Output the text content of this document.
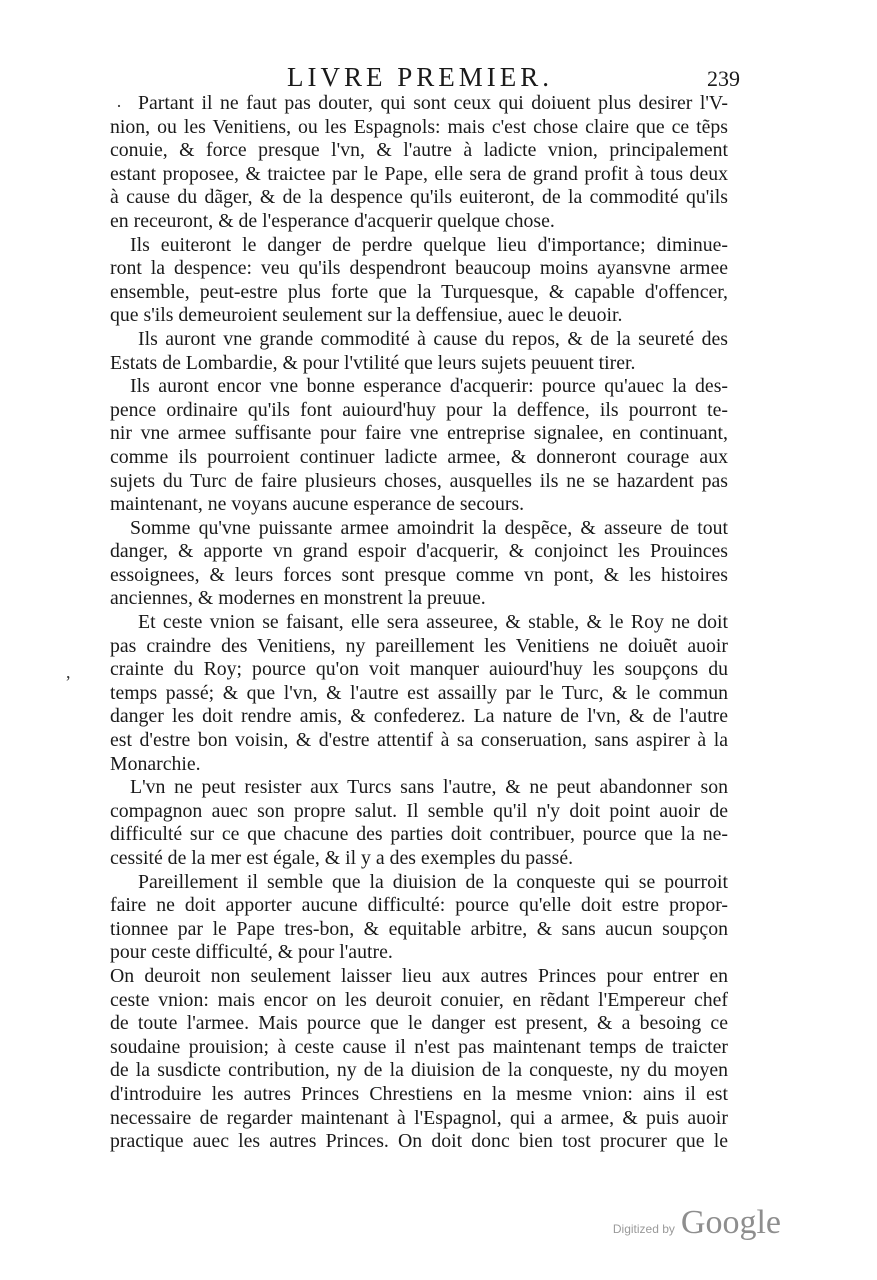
LIVRE PREMIER.	239
·
,
Partant il ne faut pas douter, qui sont ceux qui doiuent plus desirer l'V-
nion, ou les Venitiens, ou les Espagnols: mais c'est chose claire que ce tẽps
conuie, & force presque l'vn, & l'autre à ladicte vnion, principalement
estant proposee, & traictee par le Pape, elle sera de grand profit à tous deux
à cause du dãger, & de la despence qu'ils euiteront, de la commodité qu'ils
en receuront, & de l'esperance d'acquerir quelque chose.
Ils euiteront le danger de perdre quelque lieu d'importance; diminue-
ront la despence: veu qu'ils despendront beaucoup moins ayansvne armee
ensemble, peut-estre plus forte que la Turquesque, & capable d'offencer,
que s'ils demeuroient seulement sur la deffensiue, auec le deuoir.
Ils auront vne grande commodité à cause du repos, & de la seureté des
Estats de Lombardie, & pour l'vtilité que leurs sujets peuuent tirer.
Ils auront encor vne bonne esperance d'acquerir: pource qu'auec la des-
pence ordinaire qu'ils font auiourd'huy pour la deffence, ils pourront te-
nir vne armee suffisante pour faire vne entreprise signalee, en continuant,
comme ils pourroient continuer ladicte armee, & donneront courage aux
sujets du Turc de faire plusieurs choses, ausquelles ils ne se hazardent pas
maintenant, ne voyans aucune esperance de secours.
Somme qu'vne puissante armee amoindrit la despẽce, & asseure de tout
danger, & apporte vn grand espoir d'acquerir, & conjoinct les Prouinces
essoignees, & leurs forces sont presque comme vn pont, & les histoires
anciennes, & modernes en monstrent la preuue.
Et ceste vnion se faisant, elle sera asseuree, & stable, & le Roy ne doit
pas craindre des Venitiens, ny pareillement les Venitiens ne doiuẽt auoir
crainte du Roy; pource qu'on voit manquer auiourd'huy les soupçons du
temps passé; & que l'vn, & l'autre est assailly par le Turc, & le commun
danger les doit rendre amis, & confederez. La nature de l'vn, & de l'autre
est d'estre bon voisin, & d'estre attentif à sa conseruation, sans aspirer à la
Monarchie.
L'vn ne peut resister aux Turcs sans l'autre, & ne peut abandonner son
compagnon auec son propre salut. Il semble qu'il n'y doit point auoir de
difficulté sur ce que chacune des parties doit contribuer, pource que la ne-
cessité de la mer est égale, & il y a des exemples du passé.
Pareillement il semble que la diuision de la conqueste qui se pourroit
faire ne doit apporter aucune difficulté: pource qu'elle doit estre propor-
tionnee par le Pape tres-bon, & equitable arbitre, & sans aucun soupçon
pour ceste difficulté, & pour l'autre.
On deuroit non seulement laisser lieu aux autres Princes pour entrer en
ceste vnion: mais encor on les deuroit conuier, en rẽdant l'Empereur chef
de toute l'armee. Mais pource que le danger est present, & a besoing ce
soudaine prouision; à ceste cause il n'est pas maintenant temps de traicter
de la susdicte contribution, ny de la diuision de la conqueste, ny du moyen
d'introduire les autres Princes Chrestiens en la mesme vnion: ains il est
necessaire de regarder maintenant à l'Espagnol, qui a armee, & puis auoir
practique auec les autres Princes. On doit donc bien tost procurer que le
Digitized by Google
